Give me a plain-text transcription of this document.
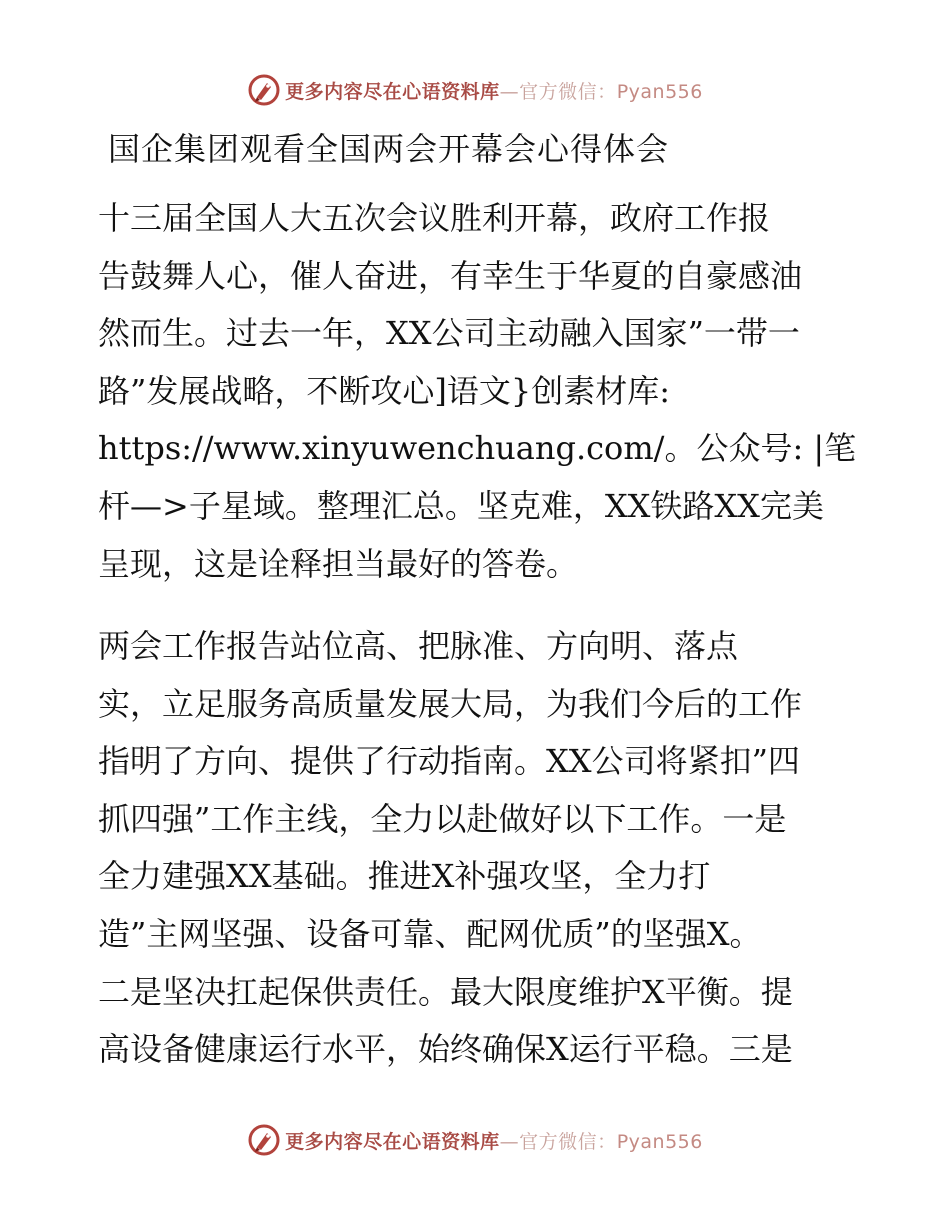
更多内容尽在心语资料库—官方微信：Pyan556
国企集团观看全国两会开幕会心得体会
十三届全国人大五次会议胜利开幕，政府工作报
告鼓舞人心，催人奋进，有幸生于华夏的自豪感油
然而生。过去一年，XX公司主动融入国家”一带一
路”发展战略，不断攻心]语文}创素材库:
https://www.xinyuwenchuang.com/。公众号: |笔
杆—>子星域。整理汇总。坚克难，XX铁路XX完美
呈现，这是诠释担当最好的答卷。
两会工作报告站位高、把脉准、方向明、落点
实，立足服务高质量发展大局，为我们今后的工作
指明了方向、提供了行动指南。XX公司将紧扣”四
抓四强”工作主线，全力以赴做好以下工作。一是
全力建强XX基础。推进X补强攻坚，全力打
造”主网坚强、设备可靠、配网优质”的坚强X。
二是坚决扛起保供责任。最大限度维护X平衡。提
高设备健康运行水平，始终确保X运行平稳。三是
更多内容尽在心语资料库—官方微信：Pyan556
